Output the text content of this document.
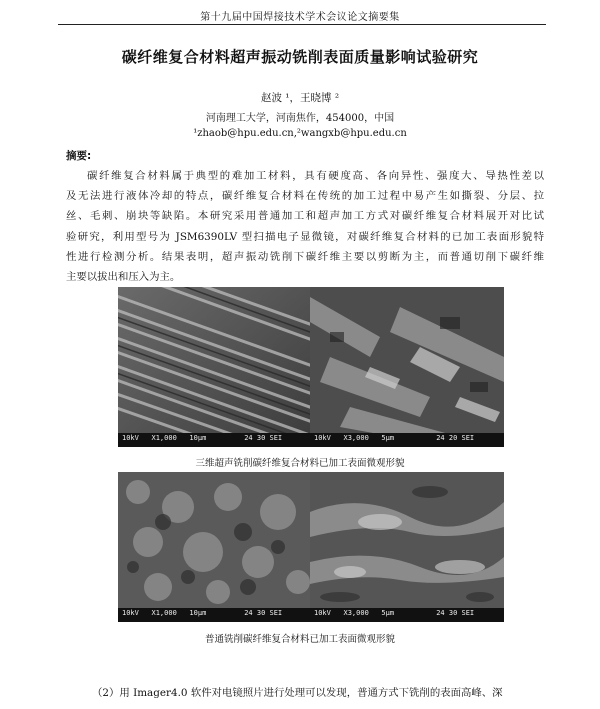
第十九届中国焊接技术学术会议论文摘要集
碳纤维复合材料超声振动铣削表面质量影响试验研究
赵波 ¹，王晓博 ²
河南理工大学，河南焦作，454000，中国
¹zhaob@hpu.edu.cn,²wangxb@hpu.edu.cn
摘要:
碳纤维复合材料属于典型的难加工材料，具有硬度高、各向异性、强度大、导热性差以
及无法进行液体冷却的特点，碳纤维复合材料在传统的加工过程中易产生如撕裂、分层、拉
丝、毛刺、崩块等缺陷。本研究采用普通加工和超声加工方式对碳纤维复合材料展开对比试
验研究，利用型号为 JSM6390LV 型扫描电子显微镜，对碳纤维复合材料的已加工表面形貌特
性进行检测分析。结果表明，超声振动铣削下碳纤维主要以剪断为主，而普通切削下碳纤维
主要以拔出和压入为主。
10kV   X1,000   10μm         24 30 SEI	10kV   X3,000   5μm          24 20 SEI
三维超声铣削碳纤维复合材料已加工表面微观形貌
10kV   X1,000   10μm         24 30 SEI	10kV   X3,000   5μm          24 30 SEI
普通铣削碳纤维复合材料已加工表面微观形貌
（2）用 Imager4.0 软件对电镜照片进行处理可以发现，普通方式下铣削的表面高峰、深
